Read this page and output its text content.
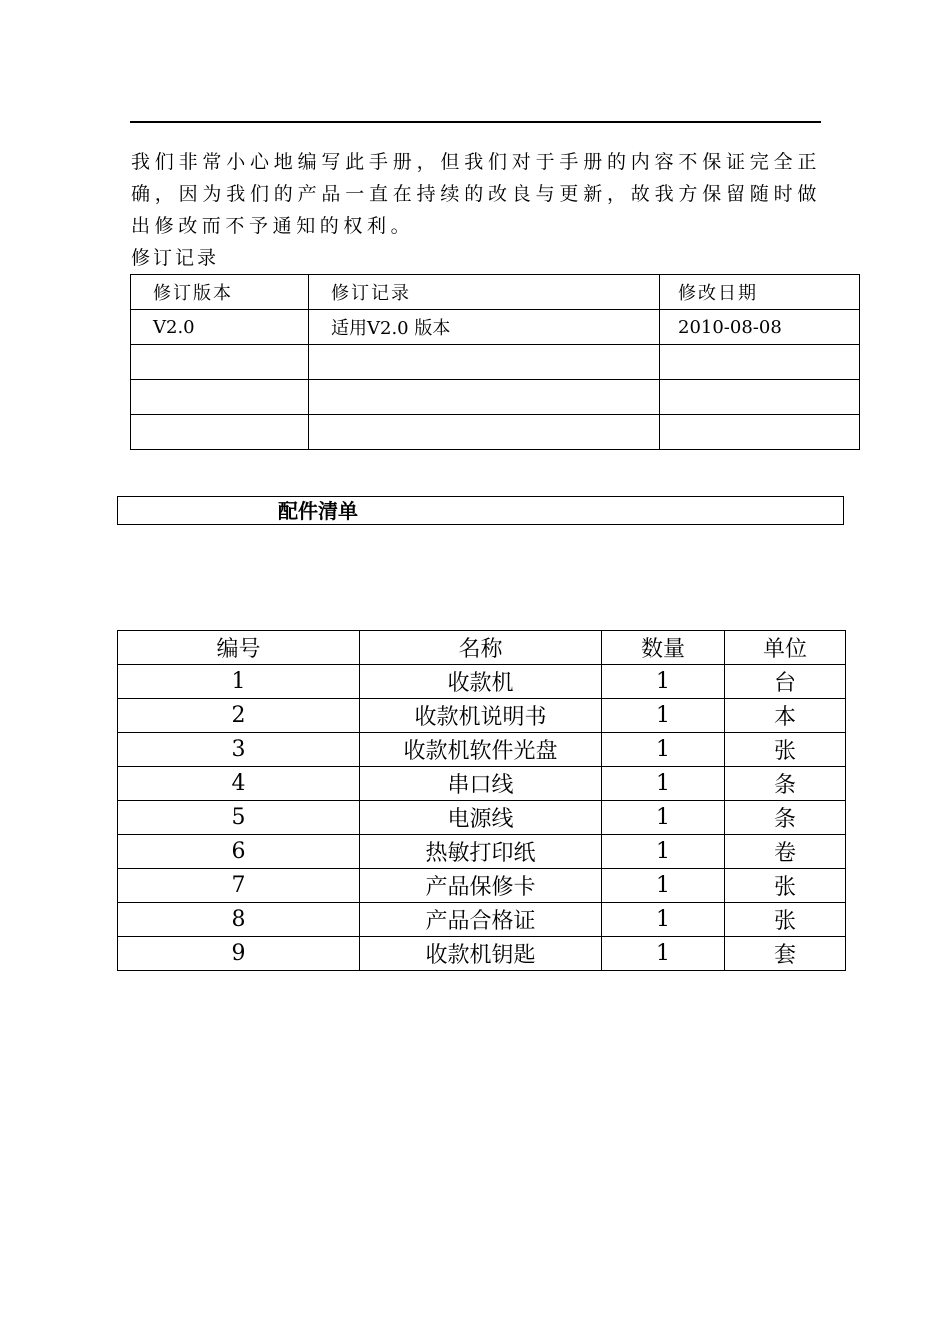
我们非常小心地编写此手册，但我们对于手册的内容不保证完全正确，因为我们的产品一直在持续的改良与更新，故我方保留随时做出修改而不予通知的权利。

修订记录
修订版本	修订记录	修改日期
V2.0	适用V2.0 版本	2010-08-08

配件清单
编号	名称	数量	单位
1	收款机	1	台
2	收款机说明书	1	本
3	收款机软件光盘	1	张
4	串口线	1	条
5	电源线	1	条
6	热敏打印纸	1	卷
7	产品保修卡	1	张
8	产品合格证	1	张
9	收款机钥匙	1	套
